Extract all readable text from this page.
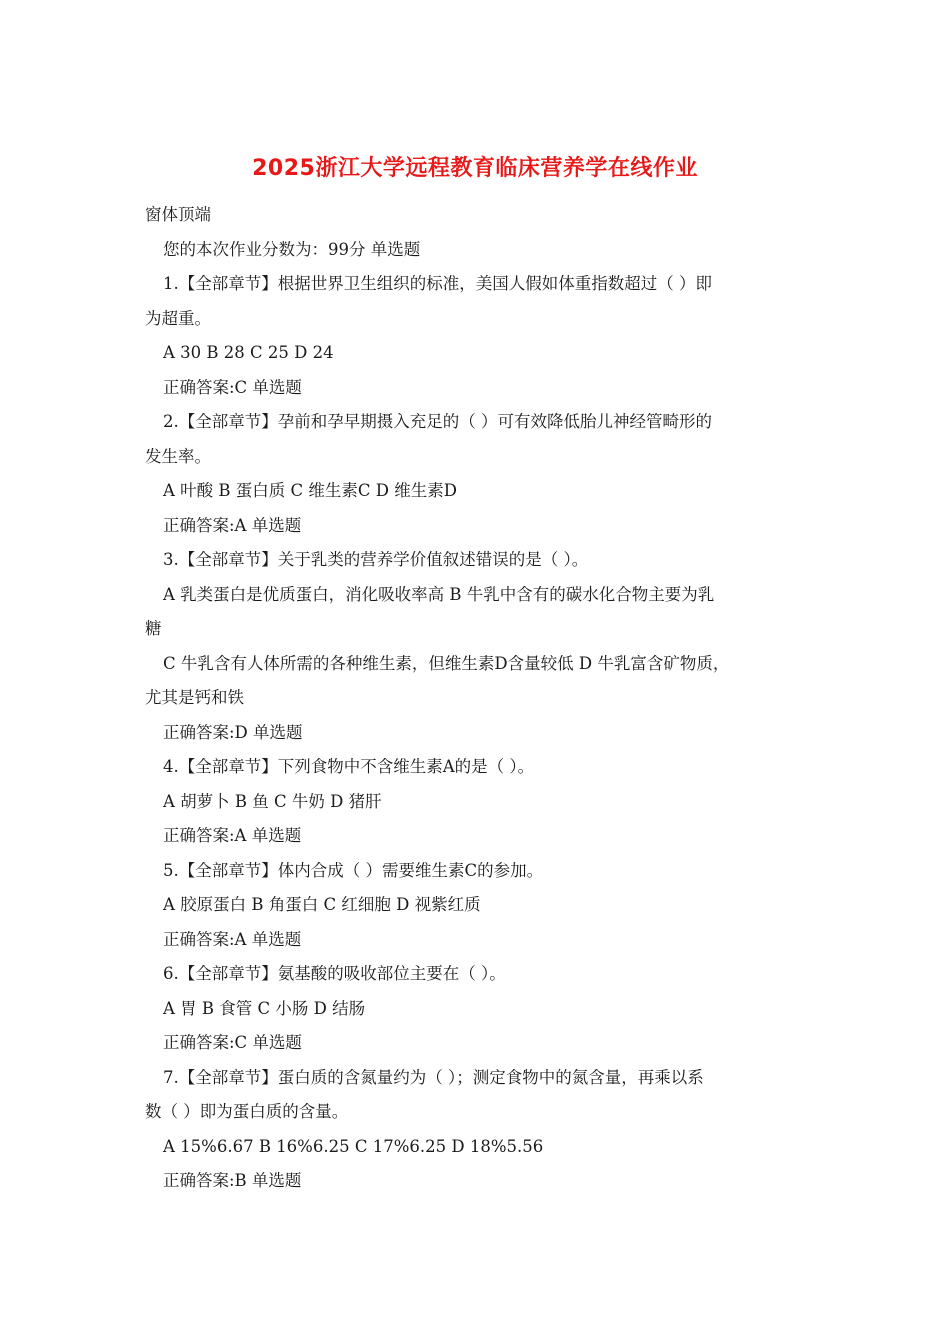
2025浙江大学远程教育临床营养学在线作业
窗体顶端
您的本次作业分数为：99分 单选题
1.【全部章节】根据世界卫生组织的标准，美国人假如体重指数超过（ ）即
为超重。
A 30 B 28 C 25 D 24
正确答案:C 单选题
2.【全部章节】孕前和孕早期摄入充足的（ ）可有效降低胎儿神经管畸形的
发生率。
A 叶酸 B 蛋白质 C 维生素C D 维生素D
正确答案:A 单选题
3.【全部章节】关于乳类的营养学价值叙述错误的是（ ）。
A 乳类蛋白是优质蛋白，消化吸收率高 B 牛乳中含有的碳水化合物主要为乳
糖
C 牛乳含有人体所需的各种维生素，但维生素D含量较低 D 牛乳富含矿物质，
尤其是钙和铁
正确答案:D 单选题
4.【全部章节】下列食物中不含维生素A的是（ ）。
A 胡萝卜 B 鱼 C 牛奶 D 猪肝
正确答案:A 单选题
5.【全部章节】体内合成（ ）需要维生素C的参加。
A 胶原蛋白 B 角蛋白 C 红细胞 D 视紫红质
正确答案:A 单选题
6.【全部章节】氨基酸的吸收部位主要在（ ）。
A 胃 B 食管 C 小肠 D 结肠
正确答案:C 单选题
7.【全部章节】蛋白质的含氮量约为（ ）；测定食物中的氮含量，再乘以系
数（ ）即为蛋白质的含量。
A 15%6.67 B 16%6.25 C 17%6.25 D 18%5.56
正确答案:B 单选题
